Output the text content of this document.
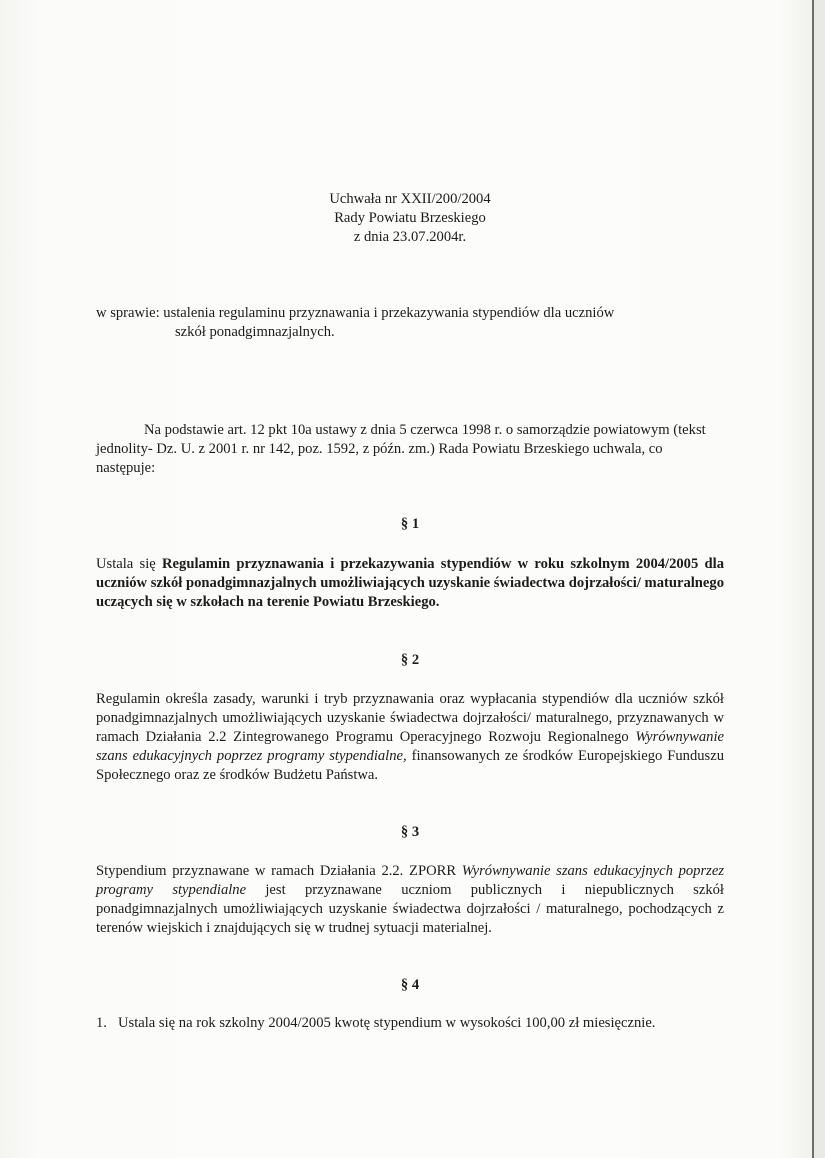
Uchwała nr XXII/200/2004
Rady Powiatu Brzeskiego
z dnia 23.07.2004r.
w sprawie: ustalenia regulaminu przyznawania i przekazywania stypendiów dla uczniów
szkół ponadgimnazjalnych.
Na podstawie art. 12 pkt 10a ustawy z dnia 5 czerwca 1998 r. o samorządzie powiatowym (tekst jednolity- Dz. U. z 2001 r. nr 142, poz. 1592, z późn. zm.) Rada Powiatu Brzeskiego uchwala, co następuje:
§ 1
Ustala się Regulamin przyznawania i przekazywania stypendiów w roku szkolnym 2004/2005 dla uczniów szkół ponadgimnazjalnych umożliwiających uzyskanie świadectwa dojrzałości/ maturalnego uczących się w szkołach na terenie Powiatu Brzeskiego.
§ 2
Regulamin określa zasady, warunki i tryb przyznawania oraz wypłacania stypendiów dla uczniów szkół ponadgimnazjalnych umożliwiających uzyskanie świadectwa dojrzałości/ maturalnego, przyznawanych w ramach Działania 2.2 Zintegrowanego Programu Operacyjnego Rozwoju Regionalnego Wyrównywanie szans edukacyjnych poprzez programy stypendialne, finansowanych ze środków Europejskiego Funduszu Społecznego oraz ze środków Budżetu Państwa.
§ 3
Stypendium przyznawane w ramach Działania 2.2. ZPORR Wyrównywanie szans edukacyjnych poprzez programy stypendialne jest przyznawane uczniom publicznych i niepublicznych szkół ponadgimnazjalnych umożliwiających uzyskanie świadectwa dojrzałości / maturalnego, pochodzących z terenów wiejskich i znajdujących się w trudnej sytuacji materialnej.
§ 4
1. Ustala się na rok szkolny 2004/2005 kwotę stypendium w wysokości 100,00 zł miesięcznie.
